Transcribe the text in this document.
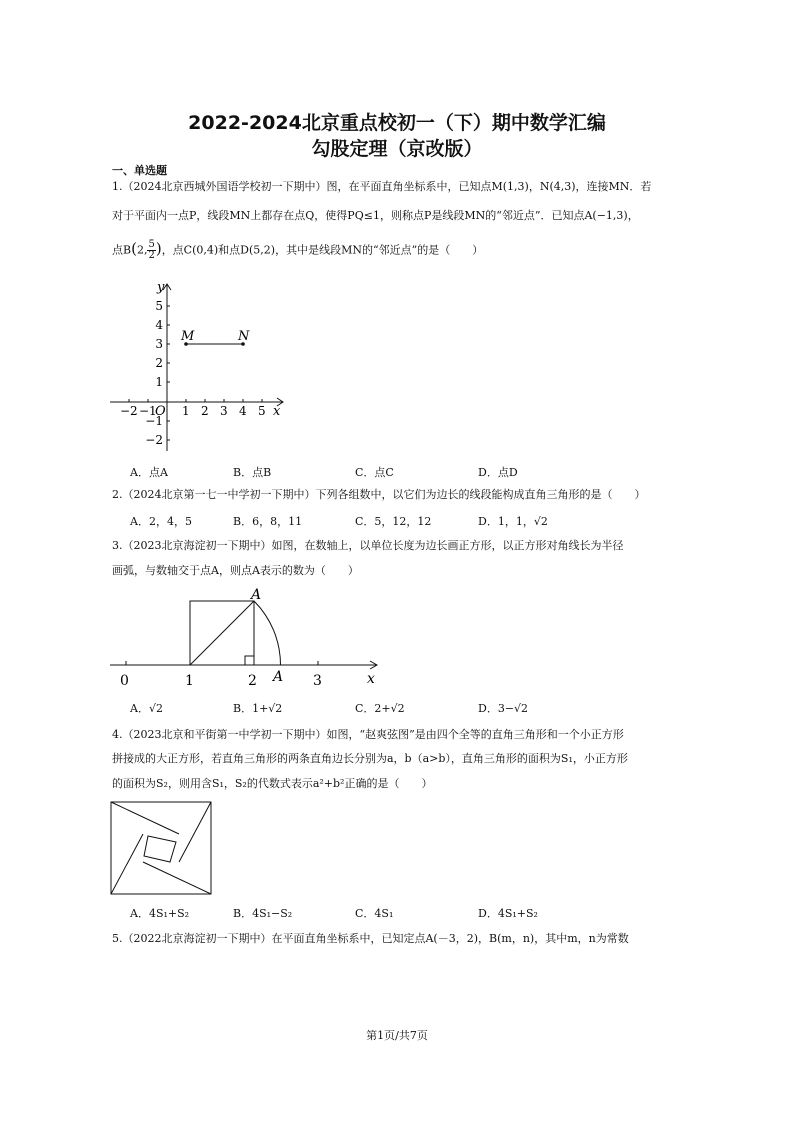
2022-2024北京重点校初一（下）期中数学汇编
勾股定理（京改版）
一、单选题
1.（2024北京西城外国语学校初一下期中）图，在平面直角坐标系中，已知点M(1,3)，N(4,3)，连接MN．若
对于平面内一点P，线段MN上都存在点Q，使得PQ≤1，则称点P是线段MN的“邻近点”．已知点A(−1,3)，
点B(2, $\frac{5}{2}$ )，点C(0,4)和点D(5,2)，其中是线段MN的“邻近点”的是（　　）
M	N
y
x
O
−2 −1 1 2 3 4 5
5
4
3
2
1
−1
−2
A．点A	B．点B	C．点C	D．点D
2.（2024北京第一七一中学初一下期中）下列各组数中，以它们为边长的线段能构成直角三角形的是（　　）
A．2，4，5	B．6，8，11	C．5，12，12	D．1，1，√2
3.（2023北京海淀初一下期中）如图，在数轴上，以单位长度为边长画正方形，以正方形对角线长为半径
画弧，与数轴交于点A，则点A表示的数为（　　）
0	1	2	3	x
A
A
A．√2	B．1+√2	C．2+√2	D．3−√2
4.（2023北京和平街第一中学初一下期中）如图，“赵爽弦图”是由四个全等的直角三角形和一个小正方形
拼接成的大正方形，若直角三角形的两条直角边长分别为a，b（a>b），直角三角形的面积为S₁，小正方形
的面积为S₂，则用含S₁，S₂的代数式表示a²+b²正确的是（　　）
A．4S₁+S₂	B．4S₁−S₂	C．4S₁	D．4S₁+S₂
5.（2022北京海淀初一下期中）在平面直角坐标系中，已知定点A(－3，2)，B(m，n)，其中m，n为常数
第1页/共7页
